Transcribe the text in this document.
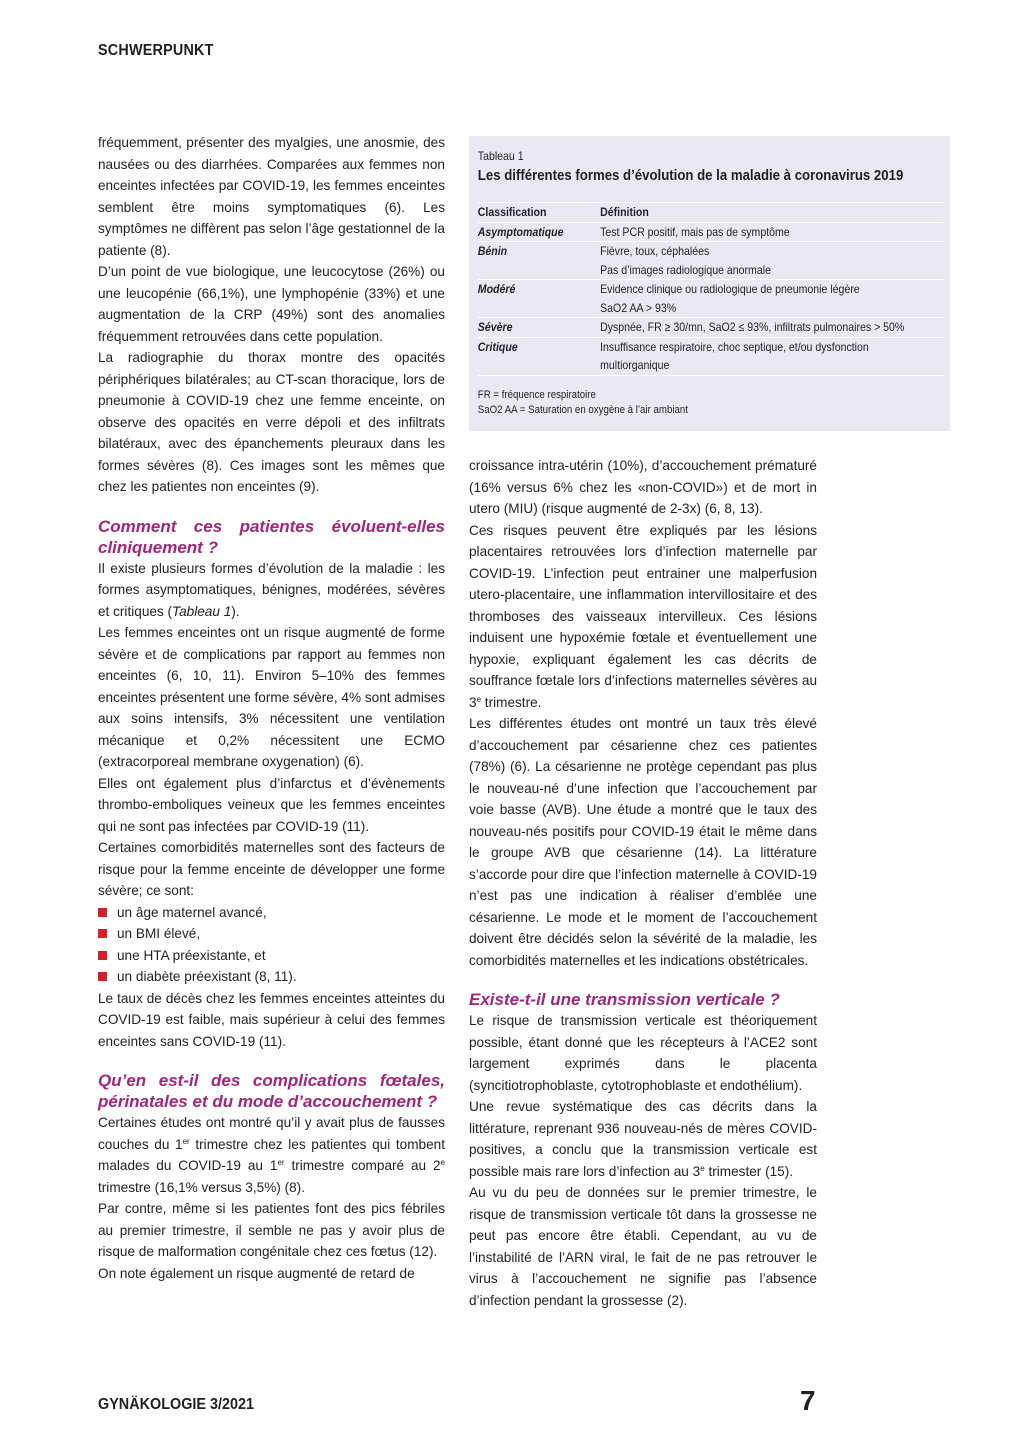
SCHWERPUNKT

fréquemment, présenter des myalgies, une anosmie, des nausées ou des diarrhées. Comparées aux femmes non enceintes infectées par COVID-19, les femmes enceintes semblent être moins symptomatiques (6). Les symptômes ne diffèrent pas selon l’âge gestationnel de la patiente (8).

D’un point de vue biologique, une leucocytose (26%) ou une leucopénie (66,1%), une lymphopénie (33%) et une augmentation de la CRP (49%) sont des anomalies fréquemment retrouvées dans cette population.

La radiographie du thorax montre des opacités périphériques bilatérales; au CT-scan thoracique, lors de pneumonie à COVID-19 chez une femme enceinte, on observe des opacités en verre dépoli et des infiltrats bilatéraux, avec des épanchements pleuraux dans les formes sévères (8). Ces images sont les mêmes que chez les patientes non enceintes (9).

Comment ces patientes évoluent-elles cliniquement ?

Il existe plusieurs formes d’évolution de la maladie : les formes asymptomatiques, bénignes, modérées, sévères et critiques (Tableau 1).

Les femmes enceintes ont un risque augmenté de forme sévère et de complications par rapport au femmes non enceintes (6, 10, 11). Environ 5–10% des femmes enceintes présentent une forme sévère, 4% sont admises aux soins intensifs, 3% nécessitent une ventilation mécanique et 0,2% nécessitent une ECMO (extracorporeal membrane oxygenation) (6).

Elles ont également plus d’infarctus et d’évènements thrombo-emboliques veineux que les femmes enceintes qui ne sont pas infectées par COVID-19 (11).

Certaines comorbidités maternelles sont des facteurs de risque pour la femme enceinte de développer une forme sévère; ce sont:

un âge maternel avancé,
un BMI élevé,
une HTA préexistante, et
un diabète préexistant (8, 11).

Le taux de décès chez les femmes enceintes atteintes du COVID-19 est faible, mais supérieur à celui des femmes enceintes sans COVID-19 (11).

Qu’en est-il des complications fœtales, périnatales et du mode d’accouchement ?

Certaines études ont montré qu’il y avait plus de fausses couches du 1er trimestre chez les patientes qui tombent malades du COVID-19 au 1er trimestre comparé au 2e trimestre (16,1% versus 3,5%) (8).

Par contre, même si les patientes font des pics fébriles au premier trimestre, il semble ne pas y avoir plus de risque de malformation congénitale chez ces fœtus (12).

On note également un risque augmenté de retard de

Tableau 1
Les différentes formes d’évolution de la maladie à coronavirus 2019
Classification	Définition
Asymptomatique	Test PCR positif, mais pas de symptôme
Bénin	Fièvre, toux, céphalées
Pas d’images radiologique anormale
Modéré	Evidence clinique ou radiologique de pneumonie légère
SaO2 AA > 93%
Sévère	Dyspnée, FR ≥ 30/mn, SaO2 ≤ 93%, infiltrats pulmonaires > 50%
Critique	Insuffisance respiratoire, choc septique, et/ou dysfonction multiorganique
FR = fréquence respiratoire
SaO2 AA = Saturation en oxygène à l’air ambiant

croissance intra-utérin (10%), d’accouchement prématuré (16% versus 6% chez les «non-COVID») et de mort in utero (MIU) (risque augmenté de 2-3x) (6, 8, 13).

Ces risques peuvent être expliqués par les lésions placentaires retrouvées lors d’infection maternelle par COVID-19. L’infection peut entrainer une malperfusion utero-placentaire, une inflammation intervillositaire et des thromboses des vaisseaux intervilleux. Ces lésions induisent une hypoxémie fœtale et éventuellement une hypoxie, expliquant également les cas décrits de souffrance fœtale lors d’infections maternelles sévères au 3e trimestre.

Les différentes études ont montré un taux très élevé d’accouchement par césarienne chez ces patientes (78%) (6). La césarienne ne protège cependant pas plus le nouveau-né d’une infection que l’accouchement par voie basse (AVB). Une étude a montré que le taux des nouveau-nés positifs pour COVID-19 était le même dans le groupe AVB que césarienne (14). La littérature s’accorde pour dire que l’infection maternelle à COVID-19 n’est pas une indication à réaliser d’emblée une césarienne. Le mode et le moment de l’accouchement doivent être décidés selon la sévérité de la maladie, les comorbidités maternelles et les indications obstétricales.

Existe-t-il une transmission verticale ?

Le risque de transmission verticale est théoriquement possible, étant donné que les récepteurs à l’ACE2 sont largement exprimés dans le placenta (syncitiotrophoblaste, cytotrophoblaste et endothélium).

Une revue systématique des cas décrits dans la littérature, reprenant 936 nouveau-nés de mères COVID-positives, a conclu que la transmission verticale est possible mais rare lors d’infection au 3e trimester (15).

Au vu du peu de données sur le premier trimestre, le risque de transmission verticale tôt dans la grossesse ne peut pas encore être établi. Cependant, au vu de l’instabilité de l’ARN viral, le fait de ne pas retrouver le virus à l’accouchement ne signifie pas l’absence d’infection pendant la grossesse (2).

GYNÄKOLOGIE 3/2021	7
